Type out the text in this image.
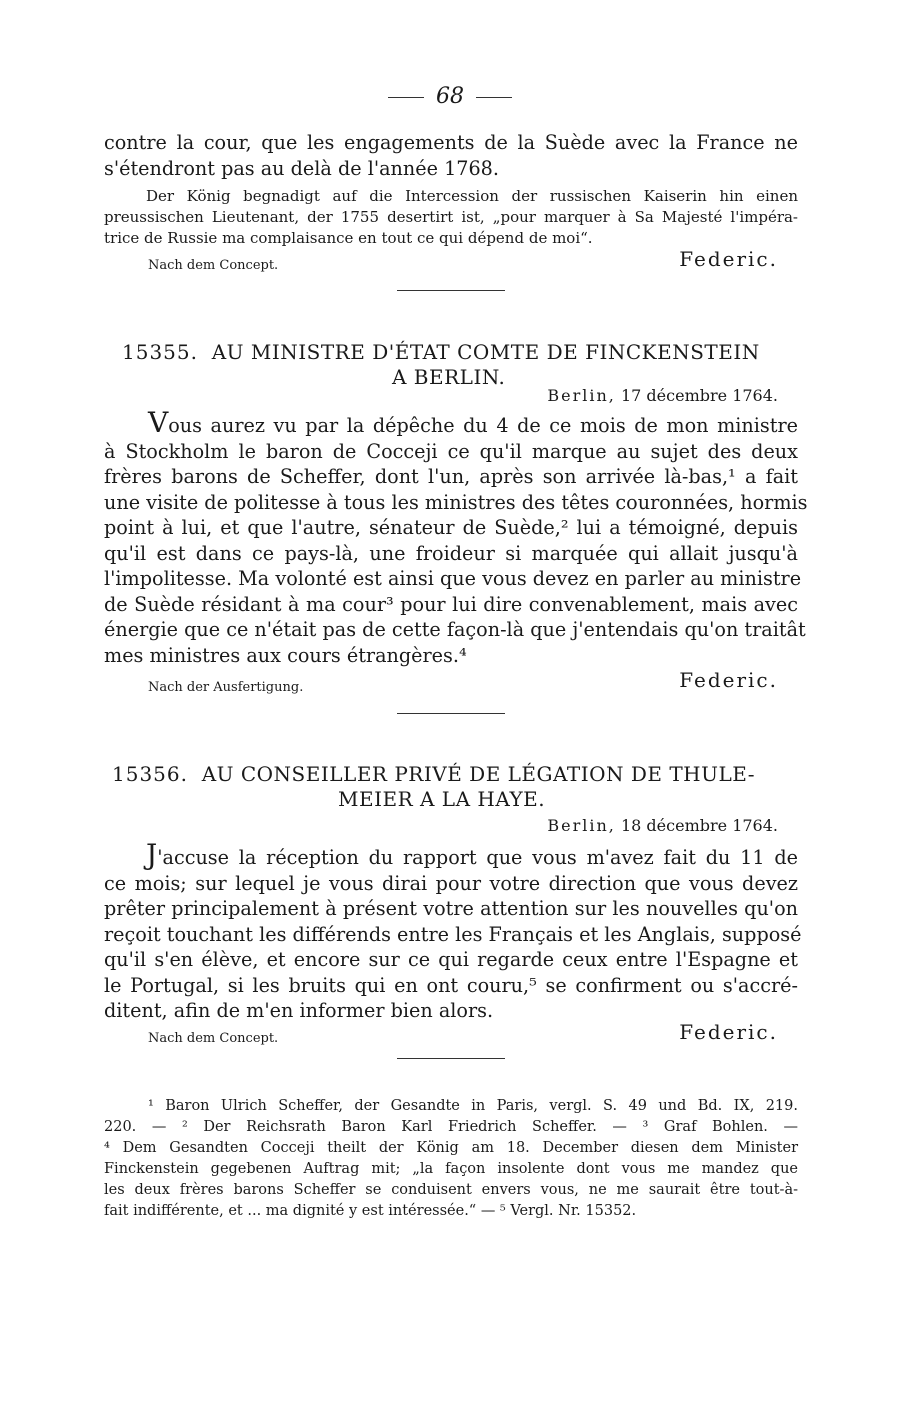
68
contre la cour, que les engagements de la Suède avec la France ne
s'étendront pas au delà de l'année 1768.
Der König begnadigt auf die Intercession der russischen Kaiserin hin einen
preussischen Lieutenant, der 1755 desertirt ist, „pour marquer à Sa Majesté l'impéra-
trice de Russie ma complaisance en tout ce qui dépend de moi“.
Nach dem Concept.	Federic.
15355. AU MINISTRE D'ÉTAT COMTE DE FINCKENSTEIN
A BERLIN.
Berlin, 17 décembre 1764.
Vous aurez vu par la dépêche du 4 de ce mois de mon ministre
à Stockholm le baron de Cocceji ce qu'il marque au sujet des deux
frères barons de Scheffer, dont l'un, après son arrivée là-bas,¹ a fait
une visite de politesse à tous les ministres des têtes couronnées, hormis
point à lui, et que l'autre, sénateur de Suède,² lui a témoigné, depuis
qu'il est dans ce pays-là, une froideur si marquée qui allait jusqu'à
l'impolitesse. Ma volonté est ainsi que vous devez en parler au ministre
de Suède résidant à ma cour³ pour lui dire convenablement, mais avec
énergie que ce n'était pas de cette façon-là que j'entendais qu'on traitât
mes ministres aux cours étrangères.⁴
Nach der Ausfertigung.	Federic.
15356. AU CONSEILLER PRIVÉ DE LÉGATION DE THULE-
MEIER A LA HAYE.
Berlin, 18 décembre 1764.
J'accuse la réception du rapport que vous m'avez fait du 11 de
ce mois; sur lequel je vous dirai pour votre direction que vous devez
prêter principalement à présent votre attention sur les nouvelles qu'on
reçoit touchant les différends entre les Français et les Anglais, supposé
qu'il s'en élève, et encore sur ce qui regarde ceux entre l'Espagne et
le Portugal, si les bruits qui en ont couru,⁵ se confirment ou s'accré-
ditent, afin de m'en informer bien alors.
Nach dem Concept.	Federic.
¹ Baron Ulrich Scheffer, der Gesandte in Paris, vergl. S. 49 und Bd. IX, 219.
220. — ² Der Reichsrath Baron Karl Friedrich Scheffer. — ³ Graf Bohlen. —
⁴ Dem Gesandten Cocceji theilt der König am 18. December diesen dem Minister
Finckenstein gegebenen Auftrag mit; „la façon insolente dont vous me mandez que
les deux frères barons Scheffer se conduisent envers vous, ne me saurait être tout-à-
fait indifférente, et ... ma dignité y est intéressée.“ — ⁵ Vergl. Nr. 15352.
